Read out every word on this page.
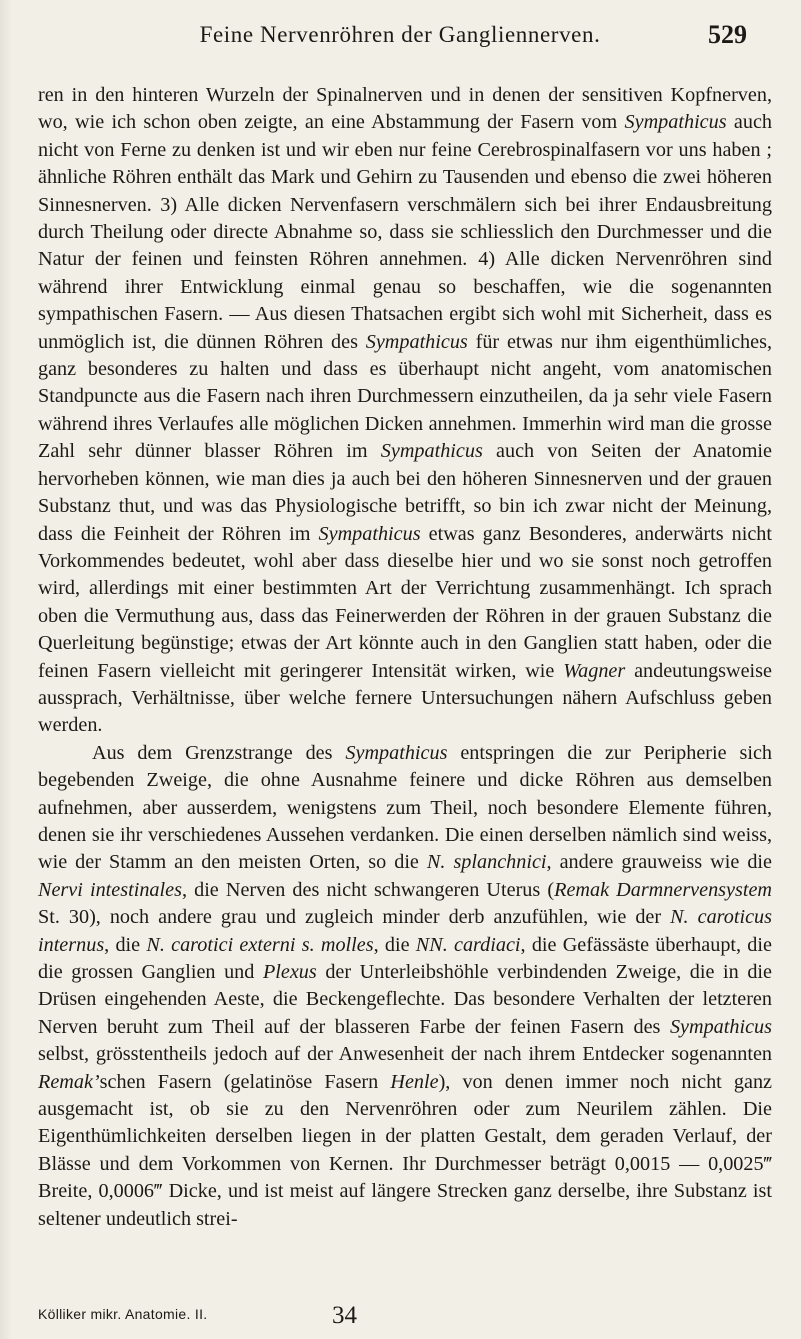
Feine Nervenröhren der Gangliennerven.	529

ren in den hinteren Wurzeln der Spinalnerven und in denen der sensitiven Kopfnerven, wo, wie ich schon oben zeigte, an eine Abstammung der Fasern vom Sympathicus auch nicht von Ferne zu denken ist und wir eben nur feine Cerebrospinalfasern vor uns haben ; ähnliche Röhren enthält das Mark und Gehirn zu Tausenden und ebenso die zwei höheren Sinnesnerven. 3) Alle dicken Nervenfasern verschmälern sich bei ihrer Endausbreitung durch Theilung oder directe Abnahme so, dass sie schliesslich den Durchmesser und die Natur der feinen und feinsten Röhren annehmen. 4) Alle dicken Nervenröhren sind während ihrer Entwicklung einmal genau so beschaffen, wie die sogenannten sympathischen Fasern. — Aus diesen Thatsachen ergibt sich wohl mit Sicherheit, dass es unmöglich ist, die dünnen Röhren des Sympathicus für etwas nur ihm eigenthümliches, ganz besonderes zu halten und dass es überhaupt nicht angeht, vom anatomischen Standpuncte aus die Fasern nach ihren Durchmessern einzutheilen, da ja sehr viele Fasern während ihres Verlaufes alle möglichen Dicken annehmen. Immerhin wird man die grosse Zahl sehr dünner blasser Röhren im Sympathicus auch von Seiten der Anatomie hervorheben können, wie man dies ja auch bei den höheren Sinnesnerven und der grauen Substanz thut, und was das Physiologische betrifft, so bin ich zwar nicht der Meinung, dass die Feinheit der Röhren im Sympathicus etwas ganz Besonderes, anderwärts nicht Vorkommendes bedeutet, wohl aber dass dieselbe hier und wo sie sonst noch getroffen wird, allerdings mit einer bestimmten Art der Verrichtung zusammenhängt. Ich sprach oben die Vermuthung aus, dass das Feinerwerden der Röhren in der grauen Substanz die Querleitung begünstige; etwas der Art könnte auch in den Ganglien statt haben, oder die feinen Fasern vielleicht mit geringerer Intensität wirken, wie Wagner andeutungsweise aussprach, Verhältnisse, über welche fernere Untersuchungen nähern Aufschluss geben werden.

Aus dem Grenzstrange des Sympathicus entspringen die zur Peripherie sich begebenden Zweige, die ohne Ausnahme feinere und dicke Röhren aus demselben aufnehmen, aber ausserdem, wenigstens zum Theil, noch besondere Elemente führen, denen sie ihr verschiedenes Aussehen verdanken. Die einen derselben nämlich sind weiss, wie der Stamm an den meisten Orten, so die N. splanchnici, andere grauweiss wie die Nervi intestinales, die Nerven des nicht schwangeren Uterus (Remak Darmnervensystem St. 30), noch andere grau und zugleich minder derb anzufühlen, wie der N. caroticus internus, die N. carotici externi s. molles, die NN. cardiaci, die Gefässäste überhaupt, die die grossen Ganglien und Plexus der Unterleibshöhle verbindenden Zweige, die in die Drüsen eingehenden Aeste, die Beckengeflechte. Das besondere Verhalten der letzteren Nerven beruht zum Theil auf der blasseren Farbe der feinen Fasern des Sympathicus selbst, grösstentheils jedoch auf der Anwesenheit der nach ihrem Entdecker sogenannten Remak’schen Fasern (gelatinöse Fasern Henle), von denen immer noch nicht ganz ausgemacht ist, ob sie zu den Nervenröhren oder zum Neurilem zählen. Die Eigenthümlichkeiten derselben liegen in der platten Gestalt, dem geraden Verlauf, der Blässe und dem Vorkommen von Kernen. Ihr Durchmesser beträgt 0,0015 — 0,0025‴ Breite, 0,0006‴ Dicke, und ist meist auf längere Strecken ganz derselbe, ihre Substanz ist seltener undeutlich strei-

Kölliker mikr. Anatomie. II.	34
